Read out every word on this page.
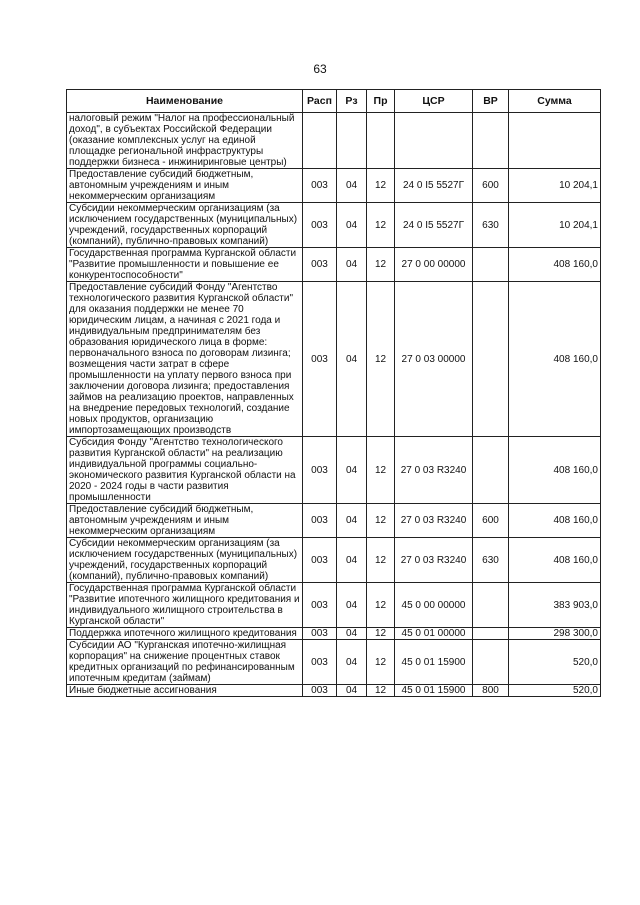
63
Наименование	Расп	Рз	Пр	ЦСР	ВР	Сумма
налоговый режим "Налог на профессиональный доход", в субъектах Российской Федерации (оказание комплексных услуг на единой площадке региональной инфраструктуры поддержки бизнеса - инжиниринговые центры)						
Предоставление субсидий бюджетным, автономным учреждениям и иным некоммерческим организациям	003	04	12	24 0 I5 5527Г	600	10 204,1
Субсидии некоммерческим организациям (за исключением государственных (муниципальных) учреждений, государственных корпораций (компаний), публично-правовых компаний)	003	04	12	24 0 I5 5527Г	630	10 204,1
Государственная программа Курганской области "Развитие промышленности и повышение ее конкурентоспособности"	003	04	12	27 0 00 00000		408 160,0
Предоставление субсидий Фонду "Агентство технологического развития Курганской области" для оказания поддержки не менее 70 юридическим лицам, а начиная с 2021 года и индивидуальным предпринимателям без образования юридического лица в форме: первоначального взноса по договорам лизинга; возмещения части затрат в сфере промышленности на уплату первого взноса при заключении договора лизинга; предоставления займов на реализацию проектов, направленных на внедрение передовых технологий, создание новых продуктов, организацию импортозамещающих производств	003	04	12	27 0 03 00000		408 160,0
Субсидия Фонду "Агентство технологического развития Курганской области" на реализацию индивидуальной программы социально-экономического развития Курганской области на 2020 - 2024 годы в части развития промышленности	003	04	12	27 0 03 R3240		408 160,0
Предоставление субсидий бюджетным, автономным учреждениям и иным некоммерческим организациям	003	04	12	27 0 03 R3240	600	408 160,0
Субсидии некоммерческим организациям (за исключением государственных (муниципальных) учреждений, государственных корпораций (компаний), публично-правовых компаний)	003	04	12	27 0 03 R3240	630	408 160,0
Государственная программа Курганской области "Развитие ипотечного жилищного кредитования и индивидуального жилищного строительства в Курганской области"	003	04	12	45 0 00 00000		383 903,0
Поддержка ипотечного жилищного кредитования	003	04	12	45 0 01 00000		298 300,0
Субсидии АО "Курганская ипотечно-жилищная корпорация" на снижение процентных ставок кредитных организаций по рефинансированным ипотечным кредитам (займам)	003	04	12	45 0 01 15900		520,0
Иные бюджетные ассигнования	003	04	12	45 0 01 15900	800	520,0
